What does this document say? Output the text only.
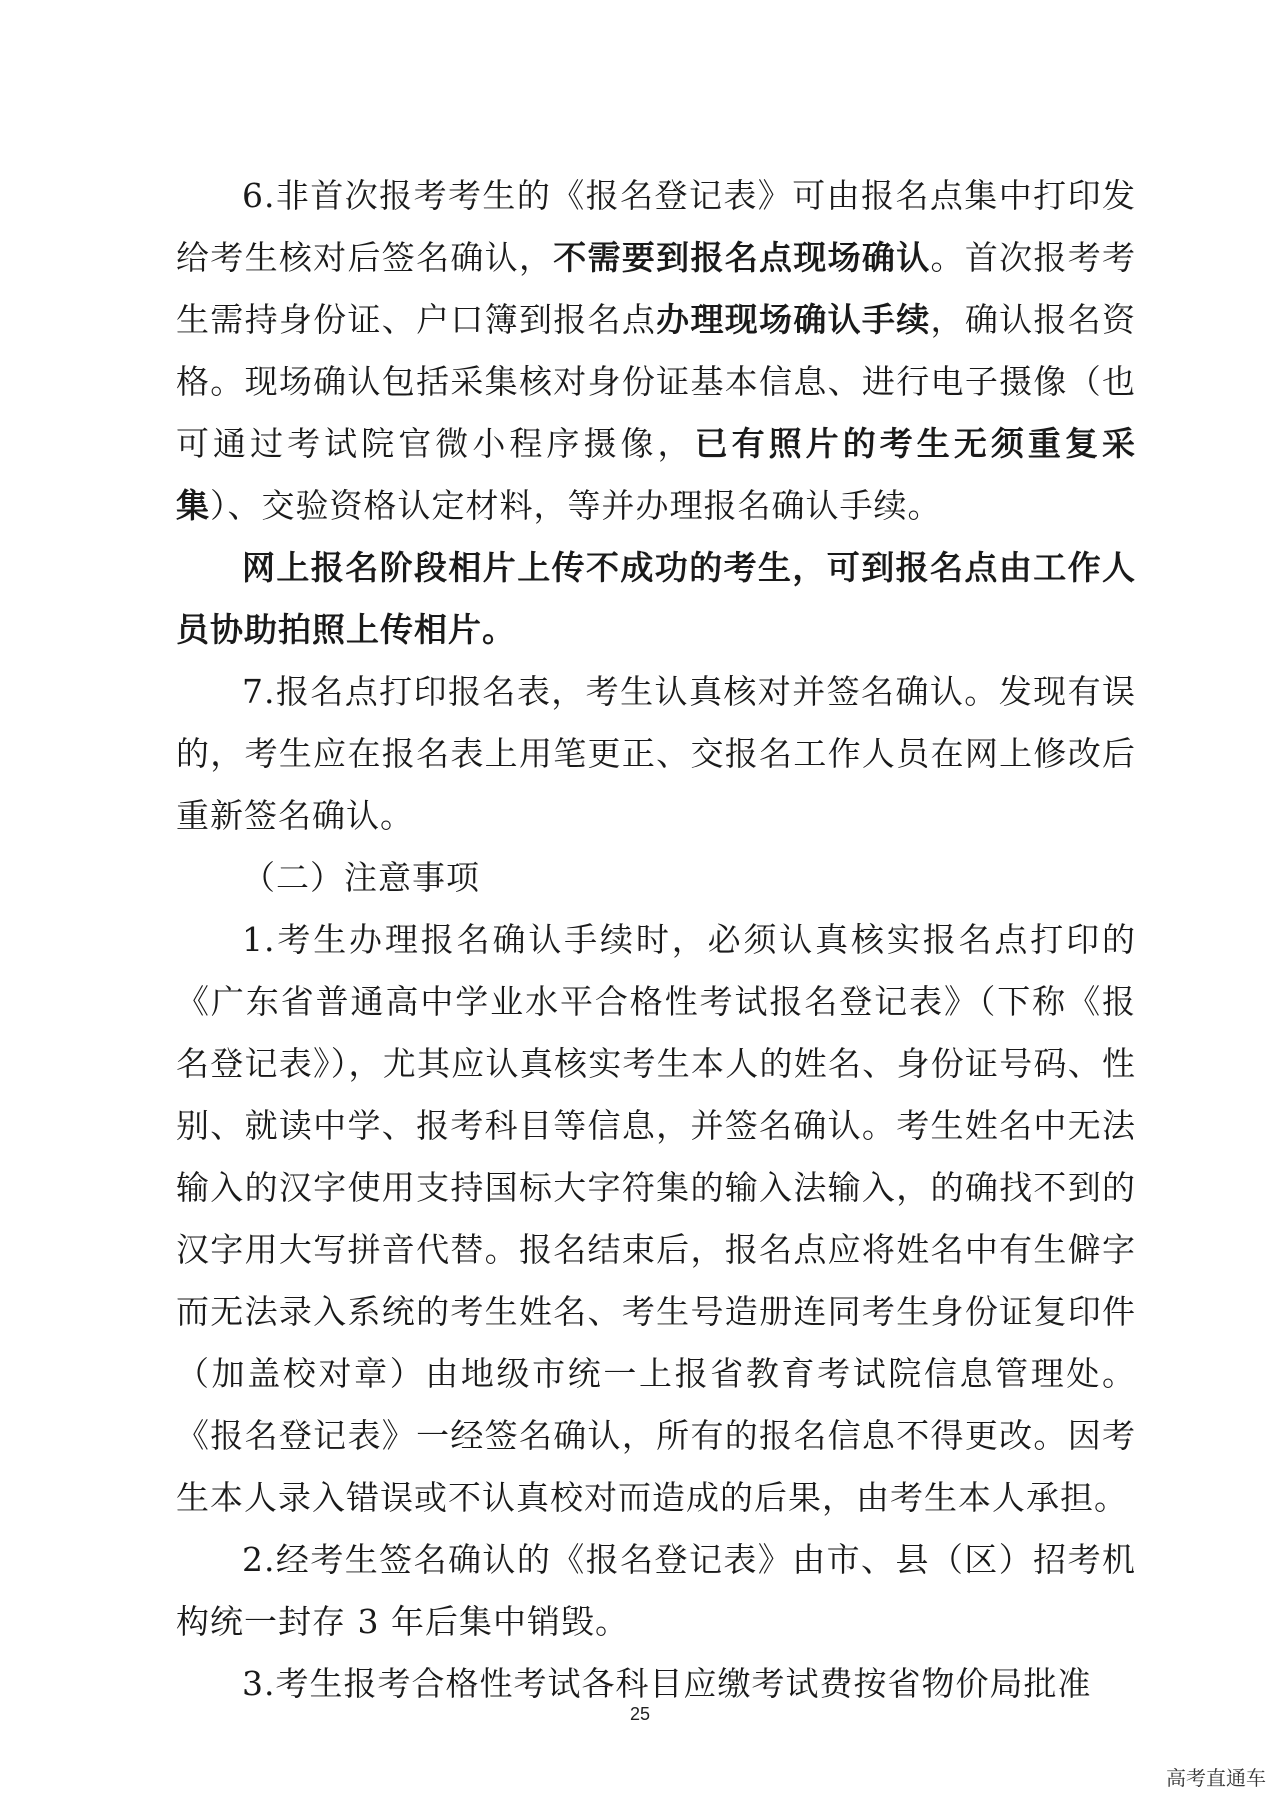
6.非首次报考考生的《报名登记表》可由报名点集中打印发给考生核对后签名确认，不需要到报名点现场确认。首次报考考生需持身份证、户口簿到报名点办理现场确认手续，确认报名资格。现场确认包括采集核对身份证基本信息、进行电子摄像（也可通过考试院官微小程序摄像，已有照片的考生无须重复采集）、交验资格认定材料，等并办理报名确认手续。

网上报名阶段相片上传不成功的考生，可到报名点由工作人员协助拍照上传相片。

7.报名点打印报名表，考生认真核对并签名确认。发现有误的，考生应在报名表上用笔更正、交报名工作人员在网上修改后重新签名确认。

（二）注意事项

1.考生办理报名确认手续时，必须认真核实报名点打印的《广东省普通高中学业水平合格性考试报名登记表》（下称《报名登记表》），尤其应认真核实考生本人的姓名、身份证号码、性别、就读中学、报考科目等信息，并签名确认。考生姓名中无法输入的汉字使用支持国标大字符集的输入法输入，的确找不到的汉字用大写拼音代替。报名结束后，报名点应将姓名中有生僻字而无法录入系统的考生姓名、考生号造册连同考生身份证复印件（加盖校对章）由地级市统一上报省教育考试院信息管理处。《报名登记表》一经签名确认，所有的报名信息不得更改。因考生本人录入错误或不认真校对而造成的后果，由考生本人承担。

2.经考生签名确认的《报名登记表》由市、县（区）招考机构统一封存 3 年后集中销毁。

3.考生报考合格性考试各科目应缴考试费按省物价局批准

25
高考直通车
